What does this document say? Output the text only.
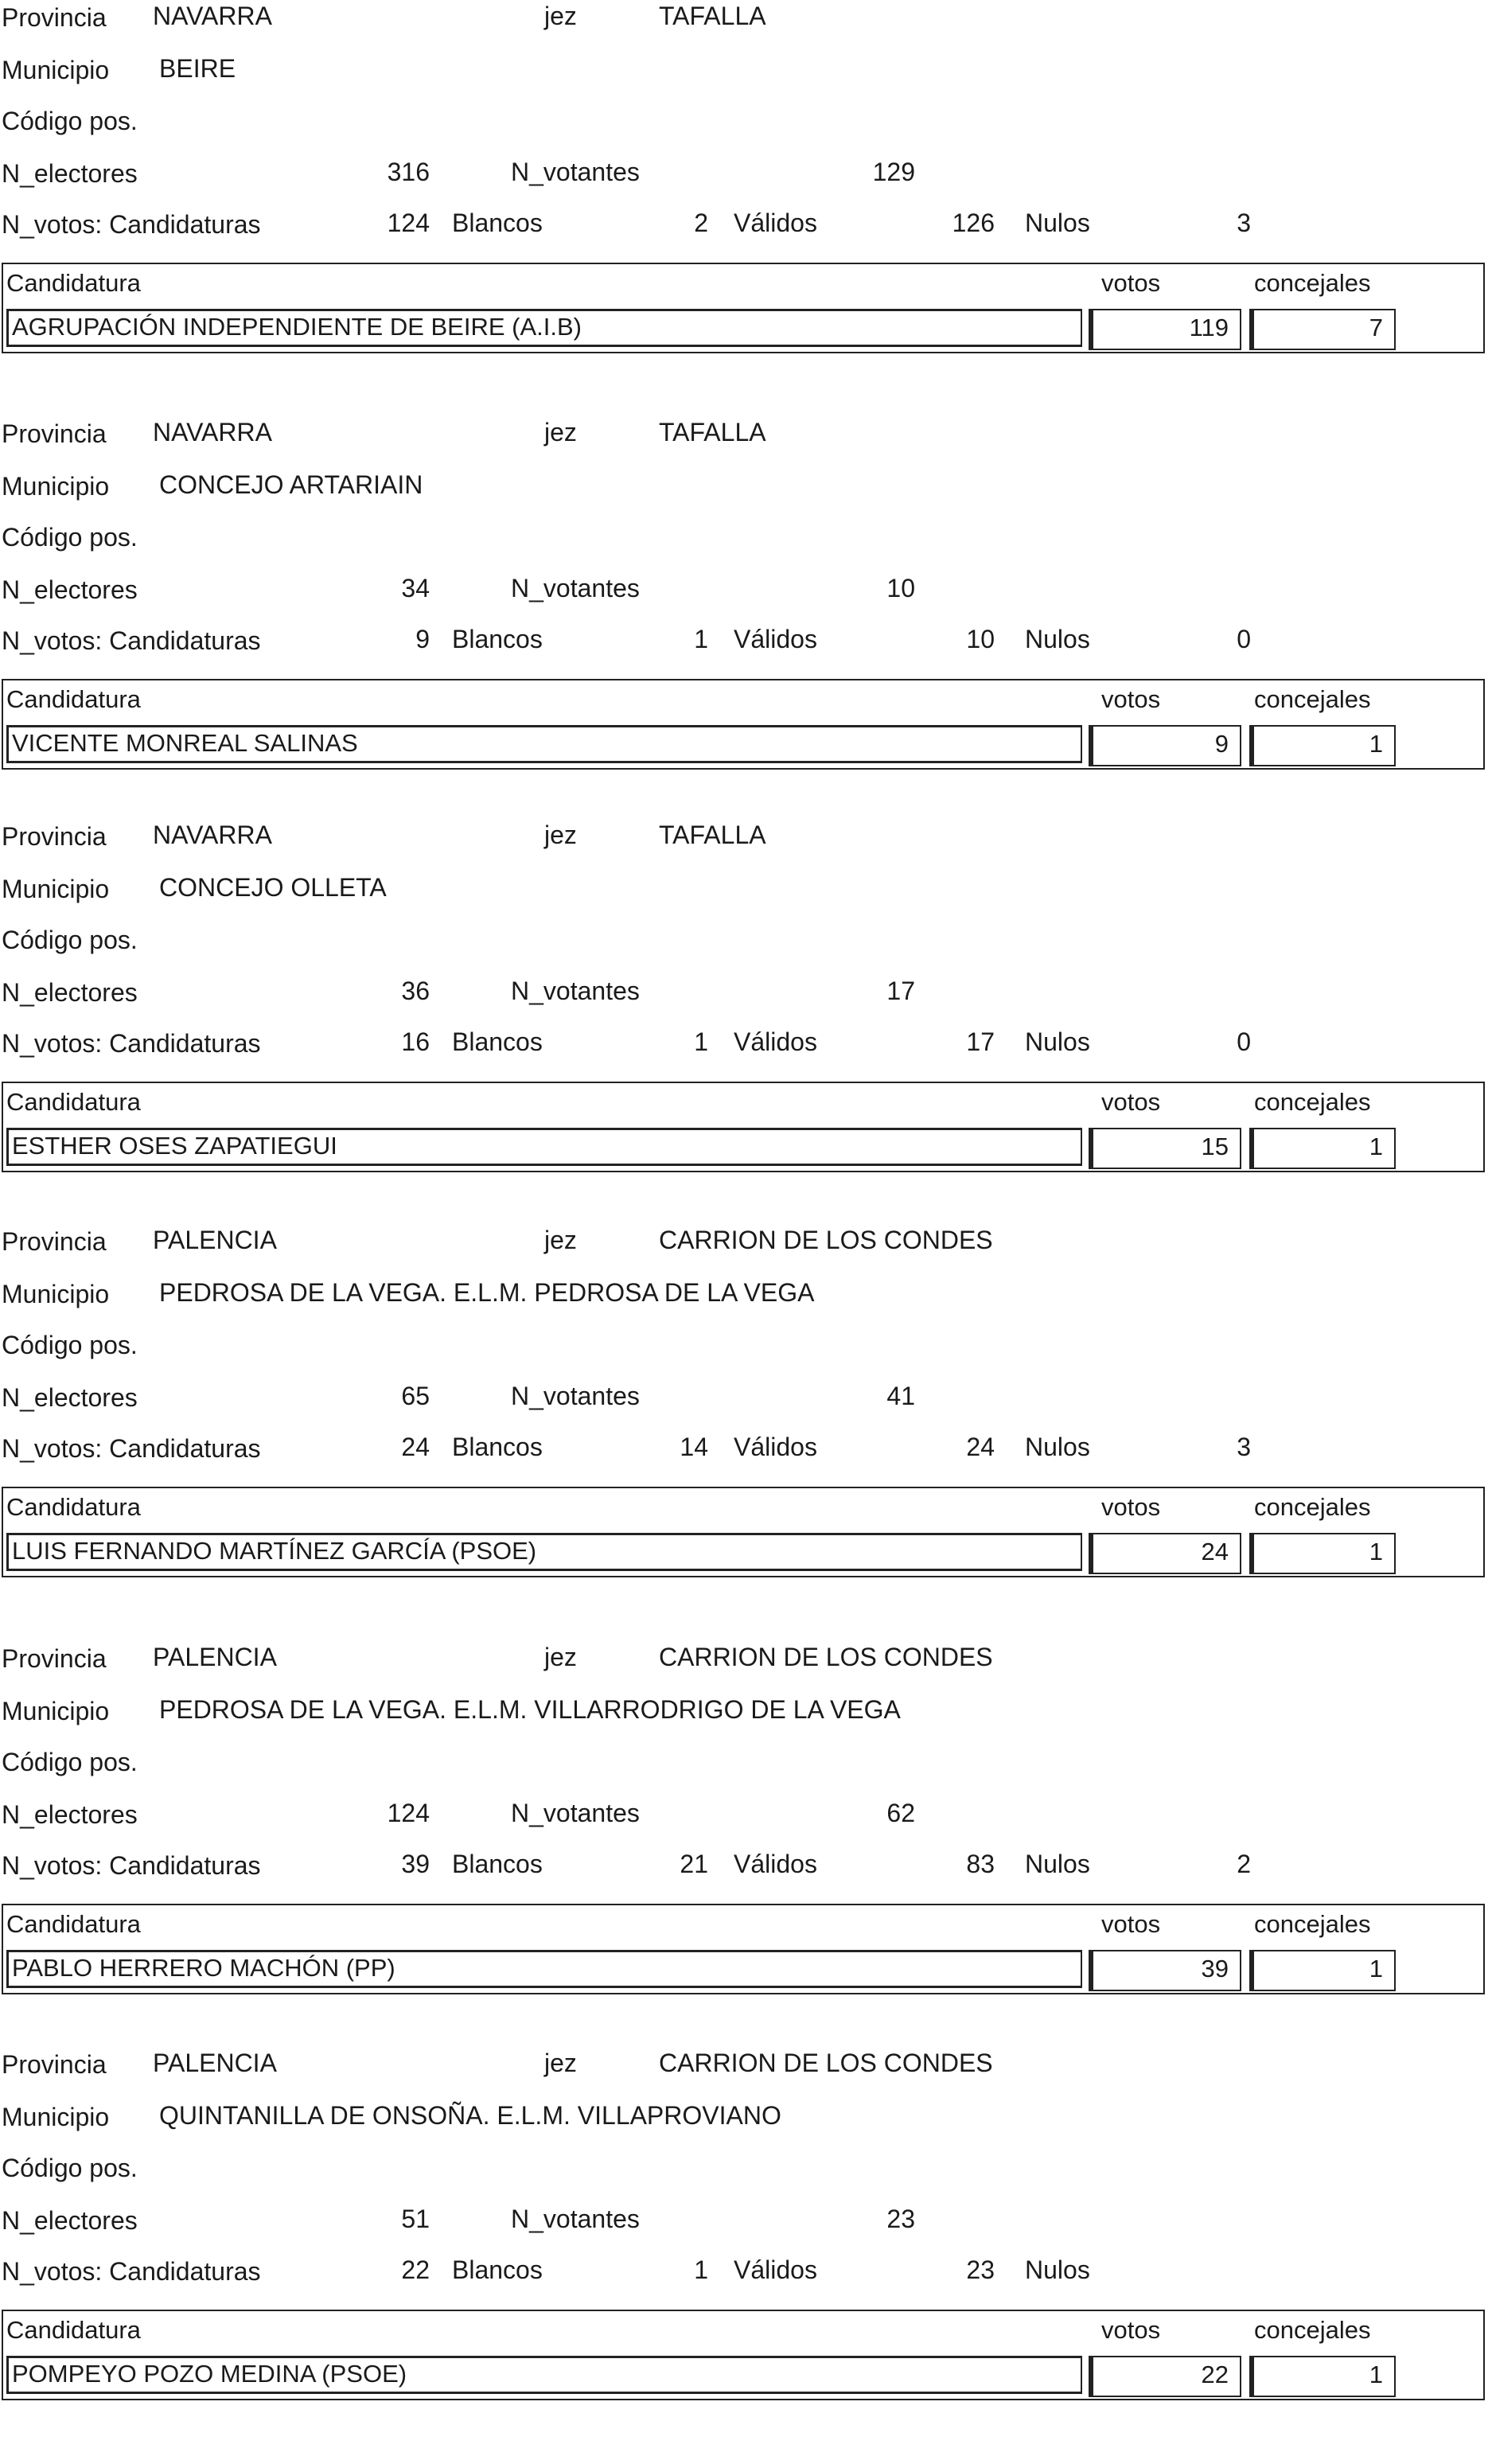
Provincia NAVARRA	jez	TAFALLA
Municipio BEIRE
Código pos.
N_electores	316	N_votantes	129
N_votos: Candidaturas	124 Blancos	2 Válidos	126 Nulos	3
Candidatura	votos	concejales
AGRUPACIÓN INDEPENDIENTE DE BEIRE (A.I.B)	119	7
Provincia NAVARRA	jez	TAFALLA
Municipio CONCEJO ARTARIAIN
Código pos.
N_electores	34	N_votantes	10
N_votos: Candidaturas	9 Blancos	1 Válidos	10 Nulos	0
Candidatura	votos	concejales
VICENTE MONREAL SALINAS	9	1
Provincia NAVARRA	jez	TAFALLA
Municipio CONCEJO OLLETA
Código pos.
N_electores	36	N_votantes	17
N_votos: Candidaturas	16 Blancos	1 Válidos	17 Nulos	0
Candidatura	votos	concejales
ESTHER OSES ZAPATIEGUI	15	1
Provincia PALENCIA	jez	CARRION DE LOS CONDES
Municipio PEDROSA DE LA VEGA. E.L.M. PEDROSA DE LA VEGA
Código pos.
N_electores	65	N_votantes	41
N_votos: Candidaturas	24 Blancos	14 Válidos	24 Nulos	3
Candidatura	votos	concejales
LUIS FERNANDO MARTÍNEZ GARCÍA (PSOE)	24	1
Provincia PALENCIA	jez	CARRION DE LOS CONDES
Municipio PEDROSA DE LA VEGA. E.L.M. VILLARRODRIGO DE LA VEGA
Código pos.
N_electores	124	N_votantes	62
N_votos: Candidaturas	39 Blancos	21 Válidos	83 Nulos	2
Candidatura	votos	concejales
PABLO HERRERO MACHÓN (PP)	39	1
Provincia PALENCIA	jez	CARRION DE LOS CONDES
Municipio QUINTANILLA DE ONSOÑA. E.L.M. VILLAPROVIANO
Código pos.
N_electores	51	N_votantes	23
N_votos: Candidaturas	22 Blancos	1 Válidos	23 Nulos
Candidatura	votos	concejales
POMPEYO POZO MEDINA (PSOE)	22	1
